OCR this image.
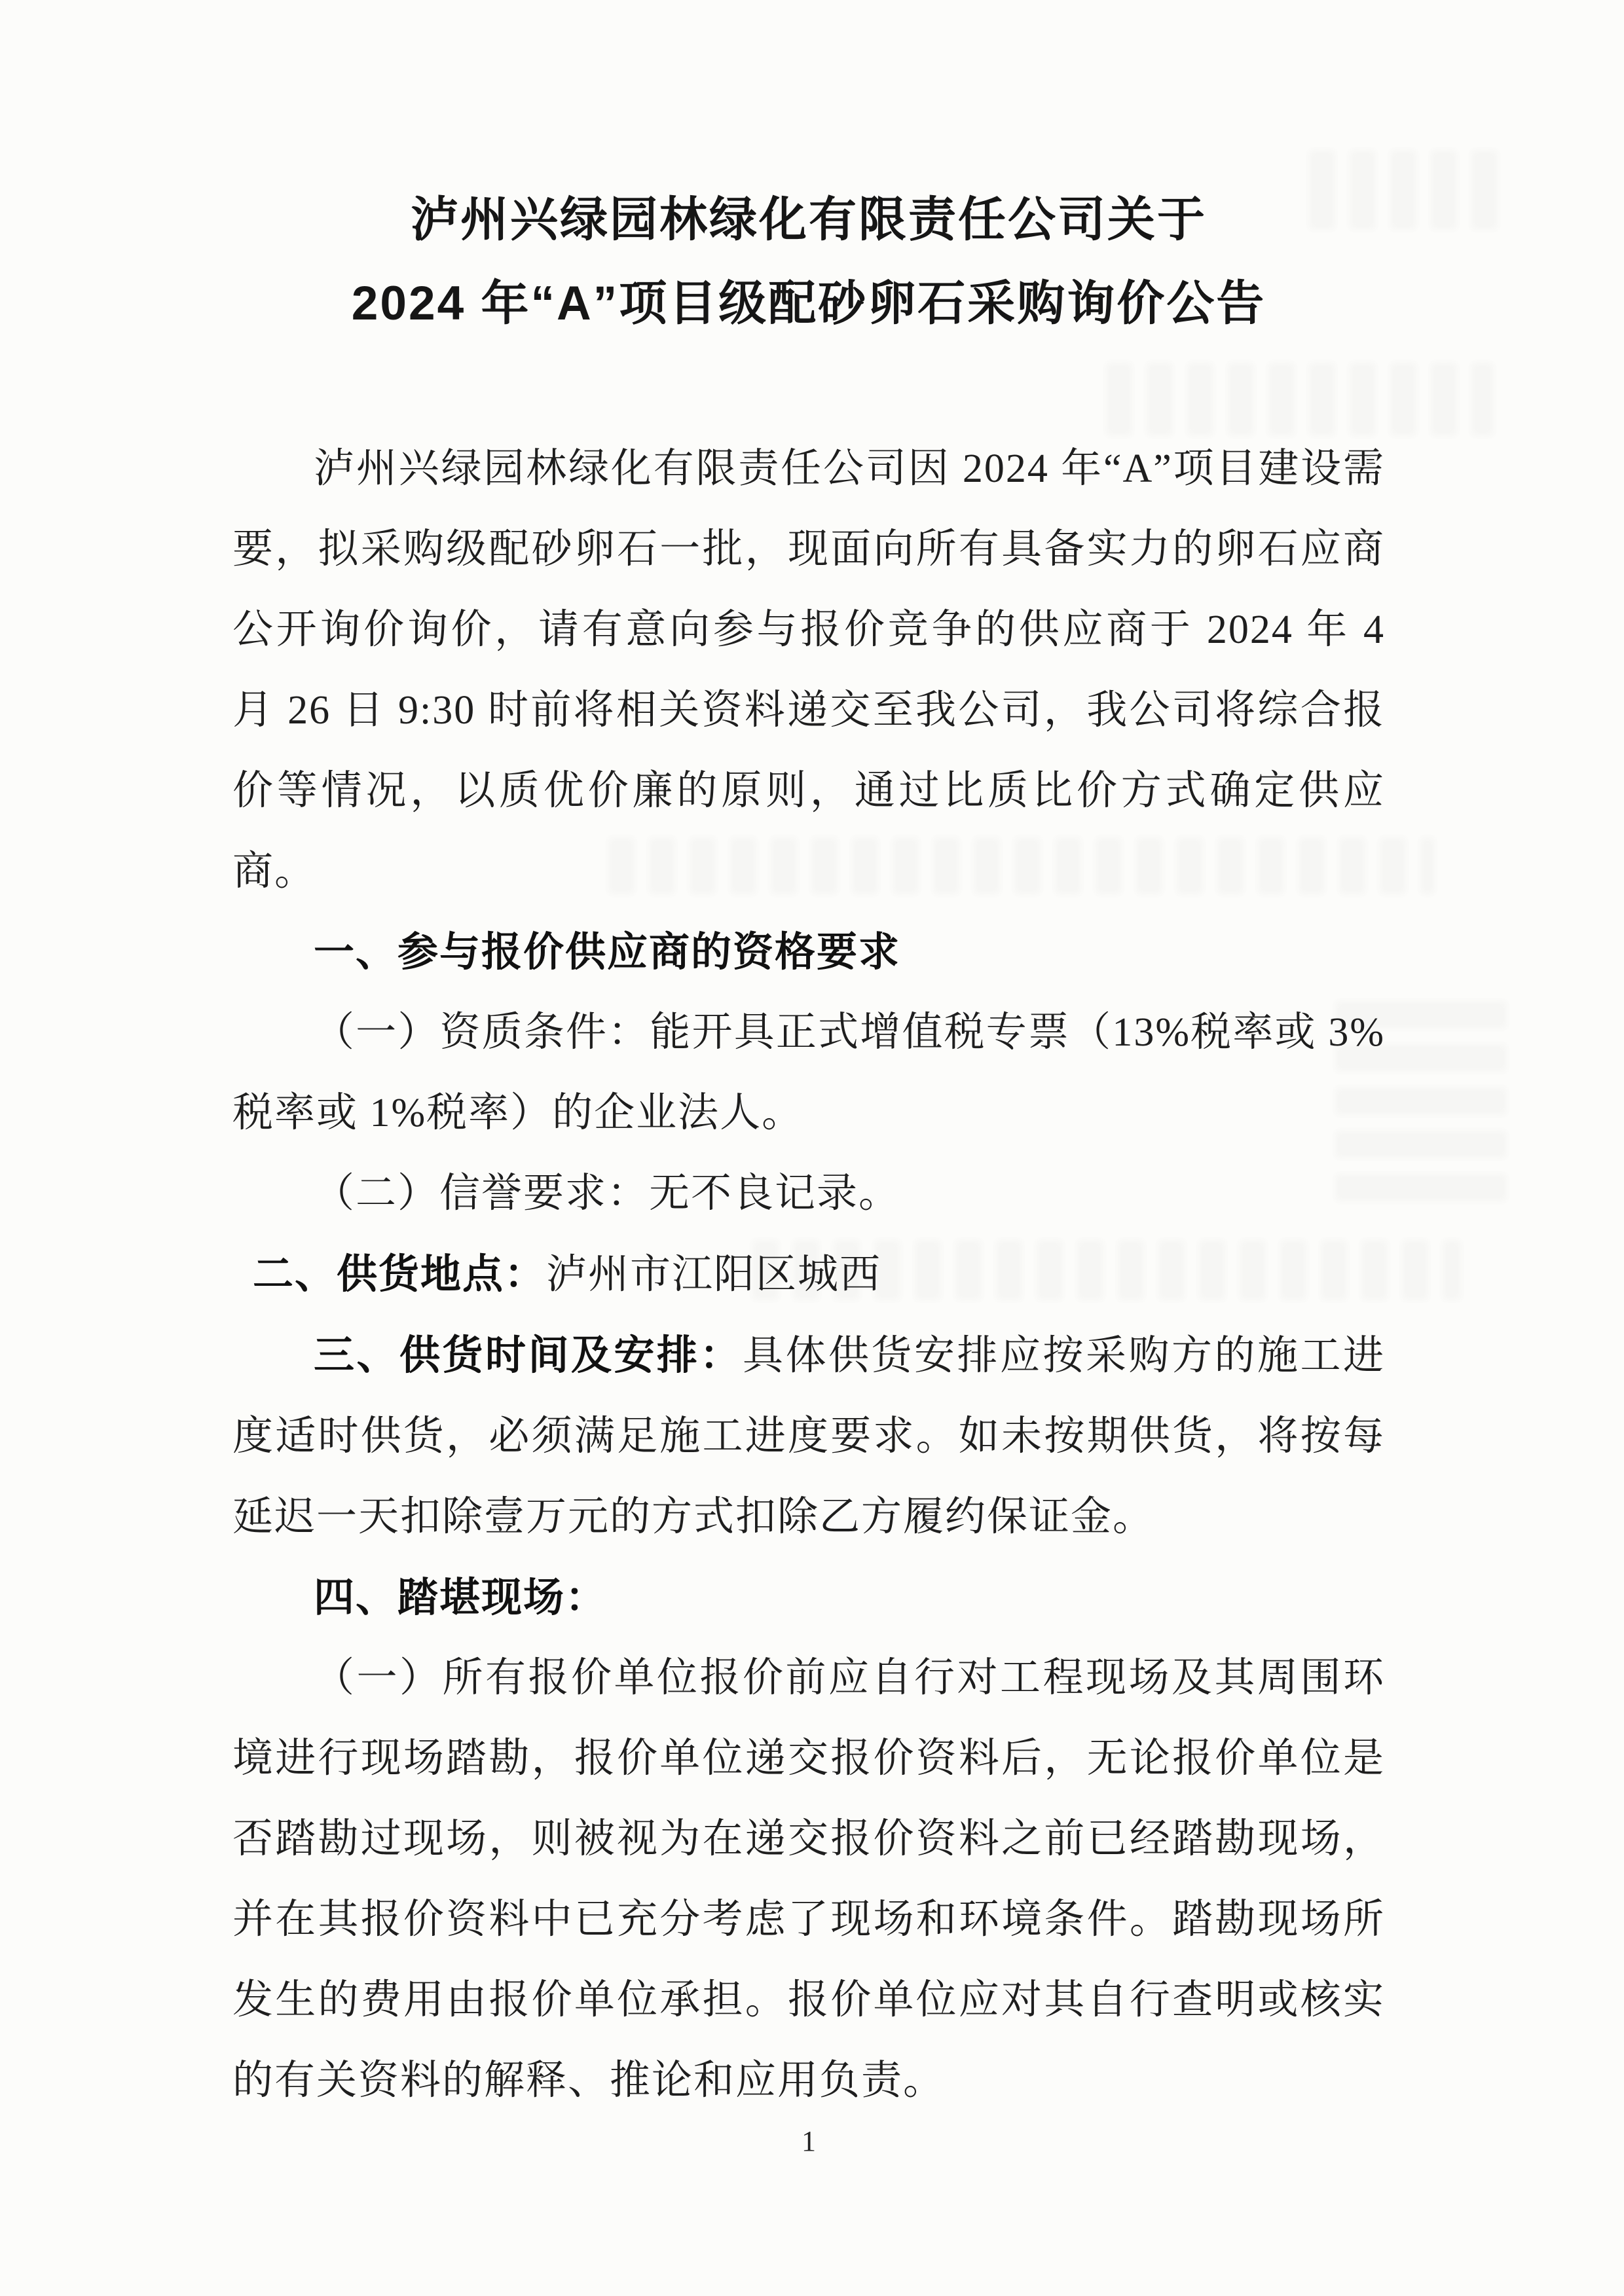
泸州兴绿园林绿化有限责任公司关于
2024 年“A”项目级配砂卵石采购询价公告

泸州兴绿园林绿化有限责任公司因 2024 年“A”项目建设需要，拟采购级配砂卵石一批，现面向所有具备实力的卵石应商公开询价询价，请有意向参与报价竞争的供应商于 2024 年 4 月 26 日 9:30 时前将相关资料递交至我公司，我公司将综合报价等情况，以质优价廉的原则，通过比质比价方式确定供应商。

一、参与报价供应商的资格要求

（一）资质条件：能开具正式增值税专票（13%税率或 3%税率或 1%税率）的企业法人。

（二）信誉要求：无不良记录。

二、供货地点：泸州市江阳区城西

三、供货时间及安排：具体供货安排应按采购方的施工进度适时供货，必须满足施工进度要求。如未按期供货，将按每延迟一天扣除壹万元的方式扣除乙方履约保证金。

四、踏堪现场：

（一）所有报价单位报价前应自行对工程现场及其周围环境进行现场踏勘，报价单位递交报价资料后，无论报价单位是否踏勘过现场，则被视为在递交报价资料之前已经踏勘现场，并在其报价资料中已充分考虑了现场和环境条件。踏勘现场所发生的费用由报价单位承担。报价单位应对其自行查明或核实的有关资料的解释、推论和应用负责。

1
